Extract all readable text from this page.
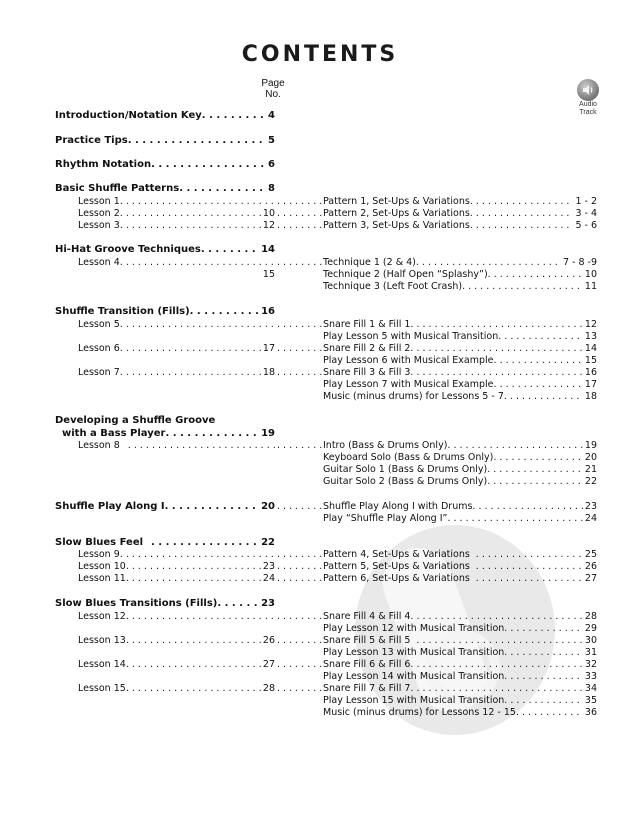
CONTENTS
Page
No.
Audio
Track
Introduction/Notation Key . . .	4
Practice Tips . . .	5
Rhythm Notation . . .	6
Basic Shuffle Patterns . . .	8
Lesson 1 . . . . . .	Pattern 1, Set-Ups & Variations . . .	1 - 2
Lesson 2 . . .	10 . . .	Pattern 2, Set-Ups & Variations . . .	3 - 4
Lesson 3 . . .	12 . . .	Pattern 3, Set-Ups & Variations . . .	5 - 6
Hi-Hat Groove Techniques . . .	14
Lesson 4 . . . . . .	Technique 1 (2 & 4) . . .	7 - 8 -9
15	Technique 2 (Half Open “Splashy”) . . .	10
Technique 3 (Left Foot Crash) . . .	11
Shuffle Transition (Fills) . . .	16
Lesson 5 . . . . . .	Snare Fill 1 & Fill 1 . . .	12
Play Lesson 5 with Musical Transition . . .	13
Lesson 6 . . .	17 . . .	Snare Fill 2 & Fill 2 . . .	14
Play Lesson 6 with Musical Example . . .	15
Lesson 7 . . .	18 . . .	Snare Fill 3 & Fill 3 . . .	16
Play Lesson 7 with Musical Example . . .	17
Music (minus drums) for Lessons 5 - 7 . . .	18
Developing a Shuffle Groove
with a Bass Player . . .	19
Lesson 8 . . . . . .	Intro (Bass & Drums Only) . . .	19
Keyboard Solo (Bass & Drums Only) . . .	20
Guitar Solo 1 (Bass & Drums Only) . . .	21
Guitar Solo 2 (Bass & Drums Only) . . .	22
Shuffle Play Along I . . .	20 . . .	Shuffle Play Along I with Drums . . .	23
Play “Shuffle Play Along I” . . .	24
Slow Blues Feel . . .	22
Lesson 9 . . . . . .	Pattern 4, Set-Ups & Variations . . .	25
Lesson 10 . . .	23 . . .	Pattern 5, Set-Ups & Variations . . .	26
Lesson 11 . . .	24 . . .	Pattern 6, Set-Ups & Variations . . .	27
Slow Blues Transitions (Fills) . . .	23
Lesson 12 . . . . . .	Snare Fill 4 & Fill 4 . . .	28
Play Lesson 12 with Musical Transition . . .	29
Lesson 13 . . .	26 . . .	Snare Fill 5 & Fill 5 . . .	30
Play Lesson 13 with Musical Transition . . .	31
Lesson 14 . . .	27 . . .	Snare Fill 6 & Fill 6 . . .	32
Play Lesson 14 with Musical Transition . . .	33
Lesson 15 . . .	28 . . .	Snare Fill 7 & Fill 7 . . .	34
Play Lesson 15 with Musical Transition . . .	35
Music (minus drums) for Lessons 12 - 15 . . .	36
